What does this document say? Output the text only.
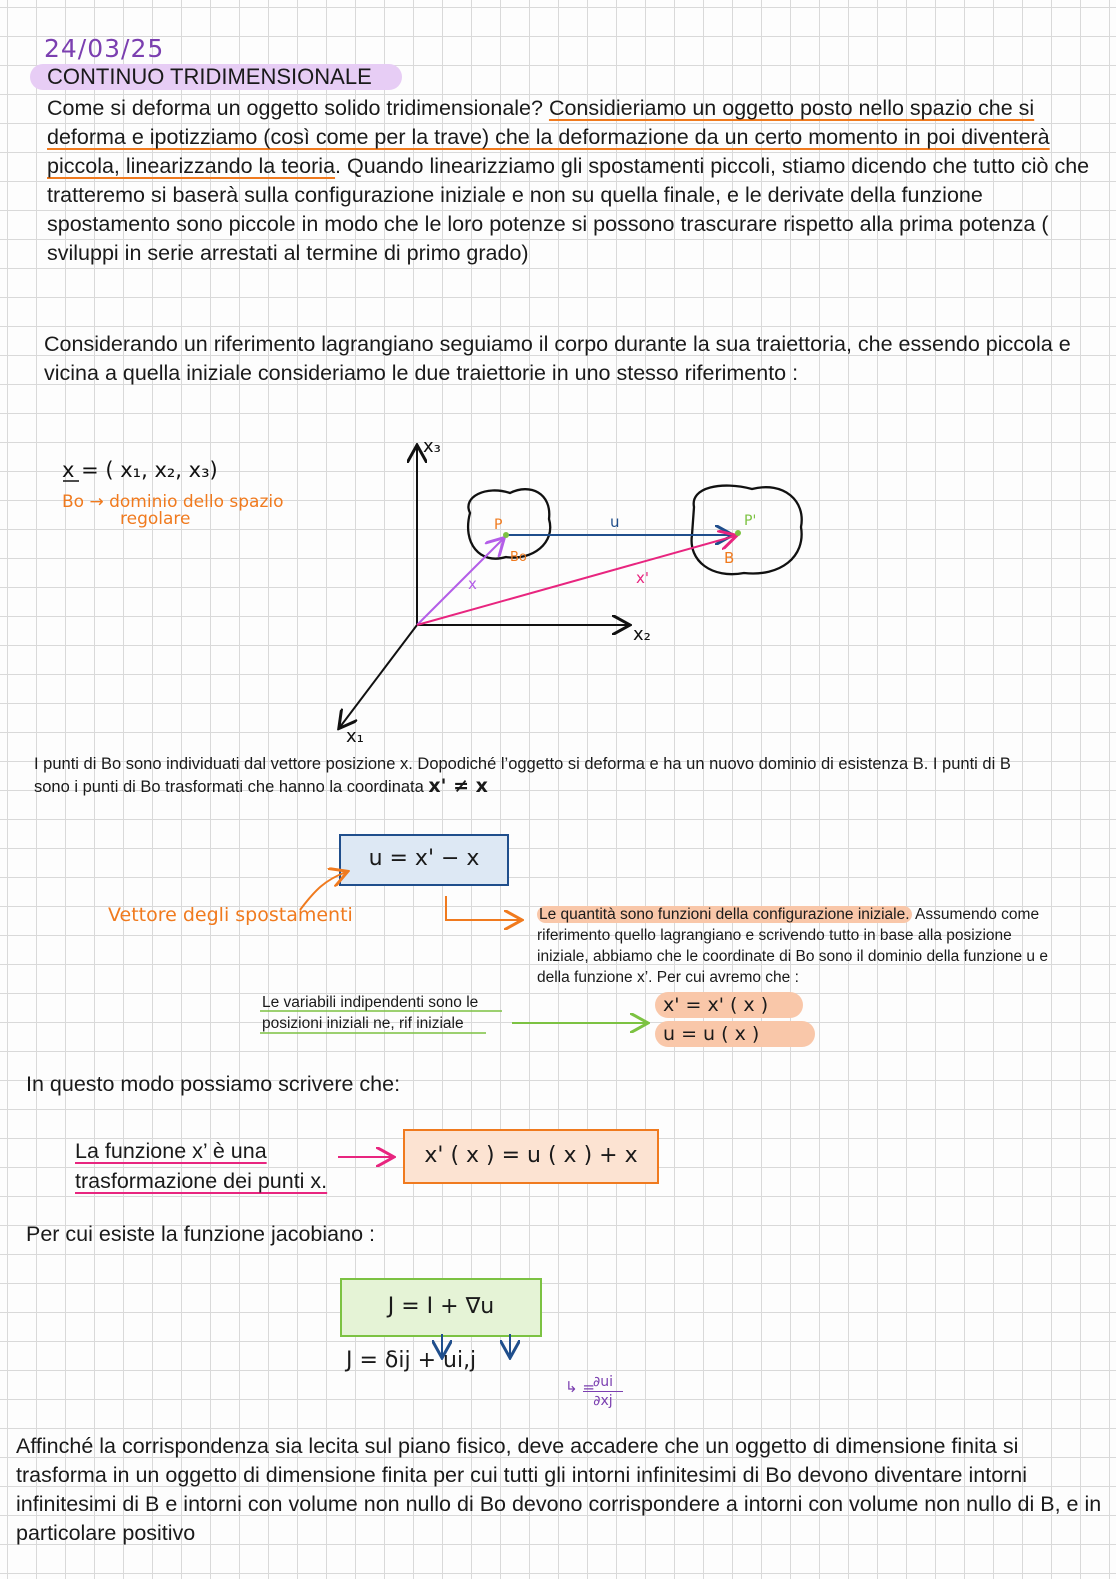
24/03/25
CONTINUO TRIDIMENSIONALE
Come si deforma un oggetto solido tridimensionale? Considieriamo un oggetto posto nello spazio che si deforma e ipotizziamo (così come per la trave) che la deformazione da un certo momento in poi diventerà piccola, linearizzando la teoria. Quando linearizziamo gli spostamenti piccoli, stiamo dicendo che tutto ciò che tratteremo si baserà sulla configurazione iniziale e non su quella finale, e le derivate della funzione spostamento sono piccole in modo che le loro potenze si possono trascurare rispetto alla prima potenza ( sviluppi in serie arrestati al termine di primo grado)
Considerando un riferimento lagrangiano seguiamo il corpo durante la sua traiettoria, che essendo piccola e vicina a quella iniziale consideriamo le due traiettorie in uno stesso riferimento :
x = ( x₁, x₂, x₃)
Bo → dominio dello spazio
regolare
x₃
x₂
x₁
P	P'
Bo	B
u
x	x'
I punti di Bo sono individuati dal vettore posizione x. Dopodiché l’oggetto si deforma e ha un nuovo dominio di esistenza B. I punti di B sono i punti di Bo trasformati che hanno la coordinata x' ≠ x
u = x' − x
Vettore degli spostamenti	Le quantità sono funzioni della configurazione iniziale. Assumendo come riferimento quello lagrangiano e scrivendo tutto in base alla posizione iniziale, abbiamo che le coordinate di Bo sono il dominio della funzione u e della funzione x’. Per cui avremo che :
Le variabili indipendenti sono le
posizioni iniziali ne, rif iniziale
x' = x' ( x )
u = u ( x )
In questo modo possiamo scrivere che:
La funzione x’ è una
trasformazione dei punti x.
x' ( x ) = u ( x ) + x
Per cui esiste la funzione jacobiano :
J = I + ∇u
J = δij + ui,j
↳ =
$\frac{\partial ui}{\partial xj}$
Affinché la corrispondenza sia lecita sul piano fisico, deve accadere che un oggetto di dimensione finita si trasforma in un oggetto di dimensione finita per cui tutti gli intorni infinitesimi di Bo devono diventare intorni infinitesimi di B e intorni con volume non nullo di Bo devono corrispondere a intorni con volume non nullo di B, e in particolare positivo
